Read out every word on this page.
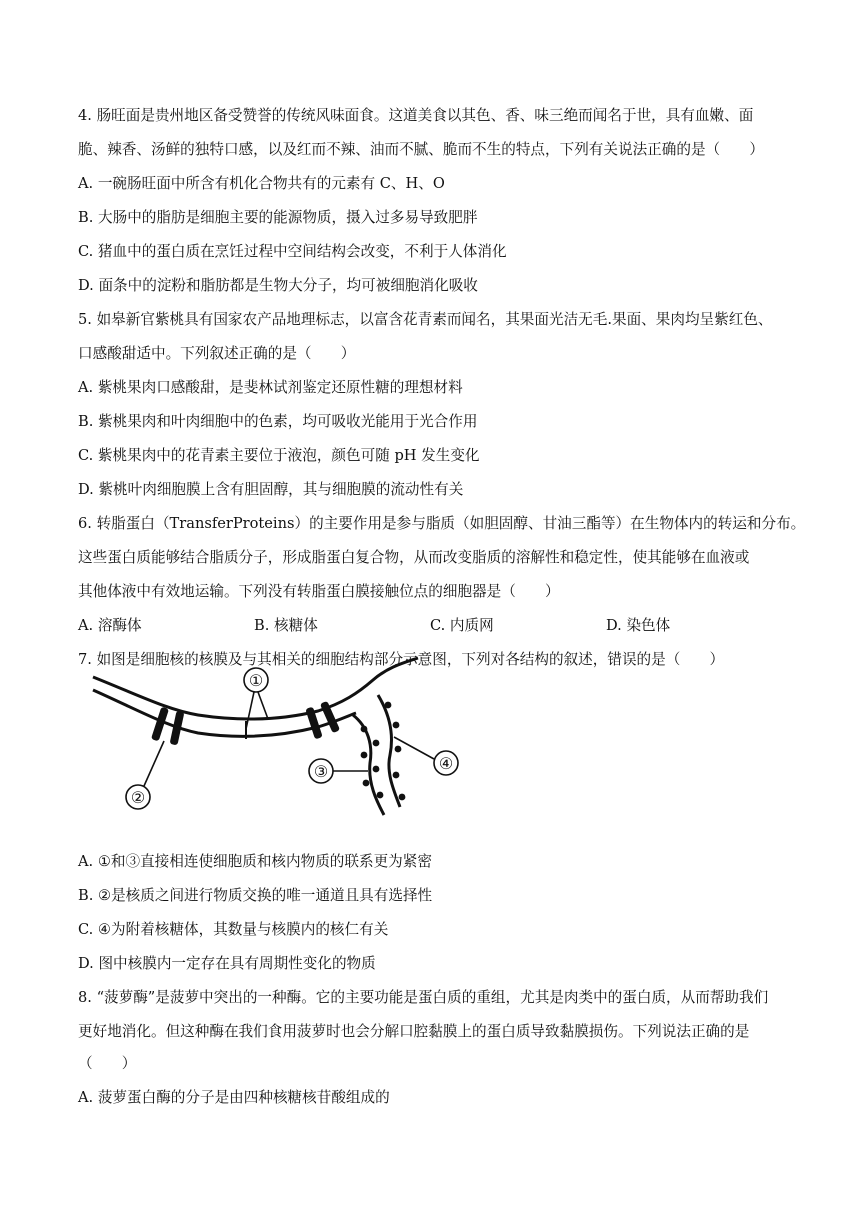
4. 肠旺面是贵州地区备受赞誉的传统风味面食。这道美食以其色、香、味三绝而闻名于世，具有血嫩、面
脆、辣香、汤鲜的独特口感，以及红而不辣、油而不腻、脆而不生的特点，下列有关说法正确的是（　　）
A. 一碗肠旺面中所含有机化合物共有的元素有 C、H、O
B. 大肠中的脂肪是细胞主要的能源物质，摄入过多易导致肥胖
C. 猪血中的蛋白质在烹饪过程中空间结构会改变，不利于人体消化
D. 面条中的淀粉和脂肪都是生物大分子，均可被细胞消化吸收
5. 如皋新官紫桃具有国家农产品地理标志，以富含花青素而闻名，其果面光洁无毛.果面、果肉均呈紫红色、
口感酸甜适中。下列叙述正确的是（　　）
A. 紫桃果肉口感酸甜，是斐林试剂鉴定还原性糖的理想材料
B. 紫桃果肉和叶肉细胞中的色素，均可吸收光能用于光合作用
C. 紫桃果肉中的花青素主要位于液泡，颜色可随 pH 发生变化
D. 紫桃叶肉细胞膜上含有胆固醇，其与细胞膜的流动性有关
6. 转脂蛋白（TransferProteins）的主要作用是参与脂质（如胆固醇、甘油三酯等）在生物体内的转运和分布。
这些蛋白质能够结合脂质分子，形成脂蛋白复合物，从而改变脂质的溶解性和稳定性，使其能够在血液或
其他体液中有效地运输。下列没有转脂蛋白膜接触位点的细胞器是（　　）
A. 溶酶体	B. 核糖体	C. 内质网	D. 染色体
7. 如图是细胞核的核膜及与其相关的细胞结构部分示意图，下列对各结构的叙述，错误的是（　　）
①
②
③	④
A. ①和③直接相连使细胞质和核内物质的联系更为紧密
B. ②是核质之间进行物质交换的唯一通道且具有选择性
C. ④为附着核糖体，其数量与核膜内的核仁有关
D. 图中核膜内一定存在具有周期性变化的物质
8. “菠萝酶”是菠萝中突出的一种酶。它的主要功能是蛋白质的重组，尤其是肉类中的蛋白质，从而帮助我们
更好地消化。但这种酶在我们食用菠萝时也会分解口腔黏膜上的蛋白质导致黏膜损伤。下列说法正确的是
（　　）
A. 菠萝蛋白酶的分子是由四种核糖核苷酸组成的
